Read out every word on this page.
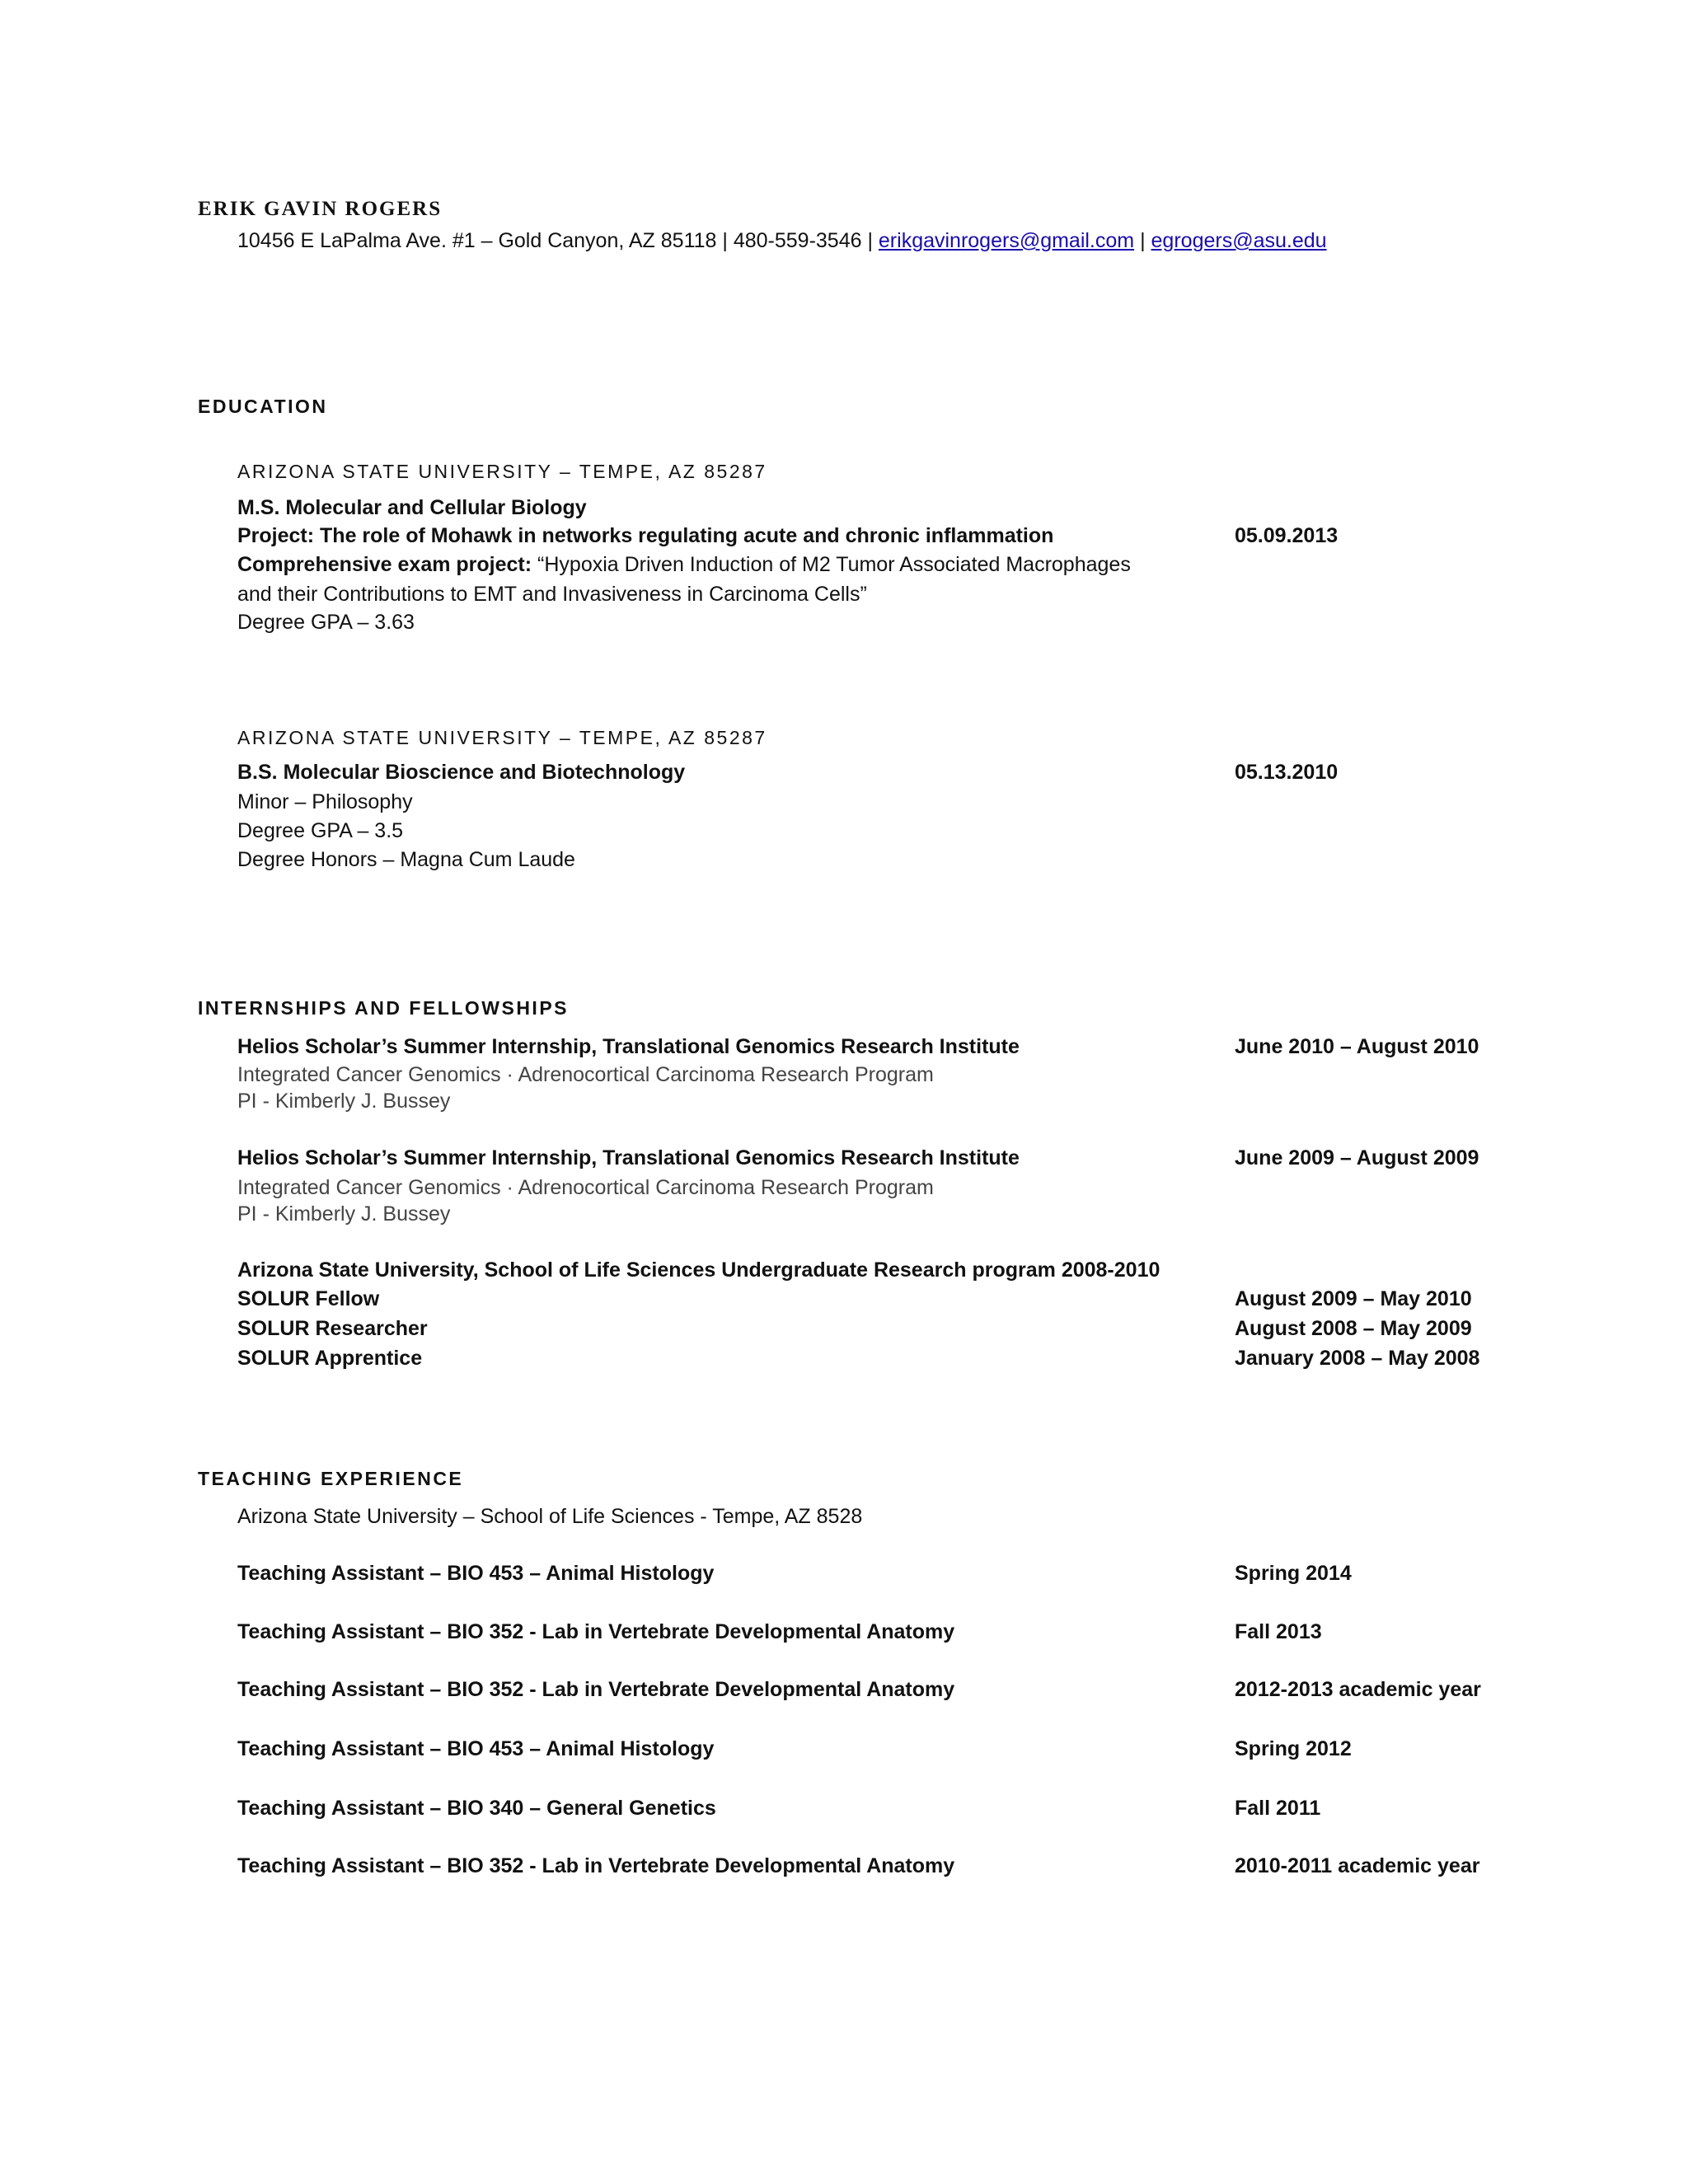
ERIK GAVIN ROGERS
10456 E LaPalma Ave. #1 – Gold Canyon, AZ 85118 | 480-559-3546 | erikgavinrogers@gmail.com | egrogers@asu.edu
EDUCATION
ARIZONA STATE UNIVERSITY – TEMPE, AZ 85287
M.S. Molecular and Cellular Biology
Project: The role of Mohawk in networks regulating acute and chronic inflammation	05.09.2013
Comprehensive exam project: “Hypoxia Driven Induction of M2 Tumor Associated Macrophages
and their Contributions to EMT and Invasiveness in Carcinoma Cells”
Degree GPA – 3.63
ARIZONA STATE UNIVERSITY – TEMPE, AZ 85287
B.S. Molecular Bioscience and Biotechnology	05.13.2010
Minor – Philosophy
Degree GPA – 3.5
Degree Honors – Magna Cum Laude
INTERNSHIPS AND FELLOWSHIPS
Helios Scholar’s Summer Internship, Translational Genomics Research Institute	June 2010 – August 2010
Integrated Cancer Genomics · Adrenocortical Carcinoma Research Program
PI - Kimberly J. Bussey
Helios Scholar’s Summer Internship, Translational Genomics Research Institute	June 2009 – August 2009
Integrated Cancer Genomics · Adrenocortical Carcinoma Research Program
PI - Kimberly J. Bussey
Arizona State University, School of Life Sciences Undergraduate Research program 2008-2010
SOLUR Fellow	August 2009 – May 2010
SOLUR Researcher	August 2008 – May 2009
SOLUR Apprentice	January 2008 – May 2008
TEACHING EXPERIENCE
Arizona State University – School of Life Sciences - Tempe, AZ 8528
Teaching Assistant – BIO 453 – Animal Histology	Spring 2014
Teaching Assistant – BIO 352 - Lab in Vertebrate Developmental Anatomy	Fall 2013
Teaching Assistant – BIO 352 - Lab in Vertebrate Developmental Anatomy	2012-2013 academic year
Teaching Assistant – BIO 453 – Animal Histology	Spring 2012
Teaching Assistant – BIO 340 – General Genetics	Fall 2011
Teaching Assistant – BIO 352 - Lab in Vertebrate Developmental Anatomy	2010-2011 academic year
